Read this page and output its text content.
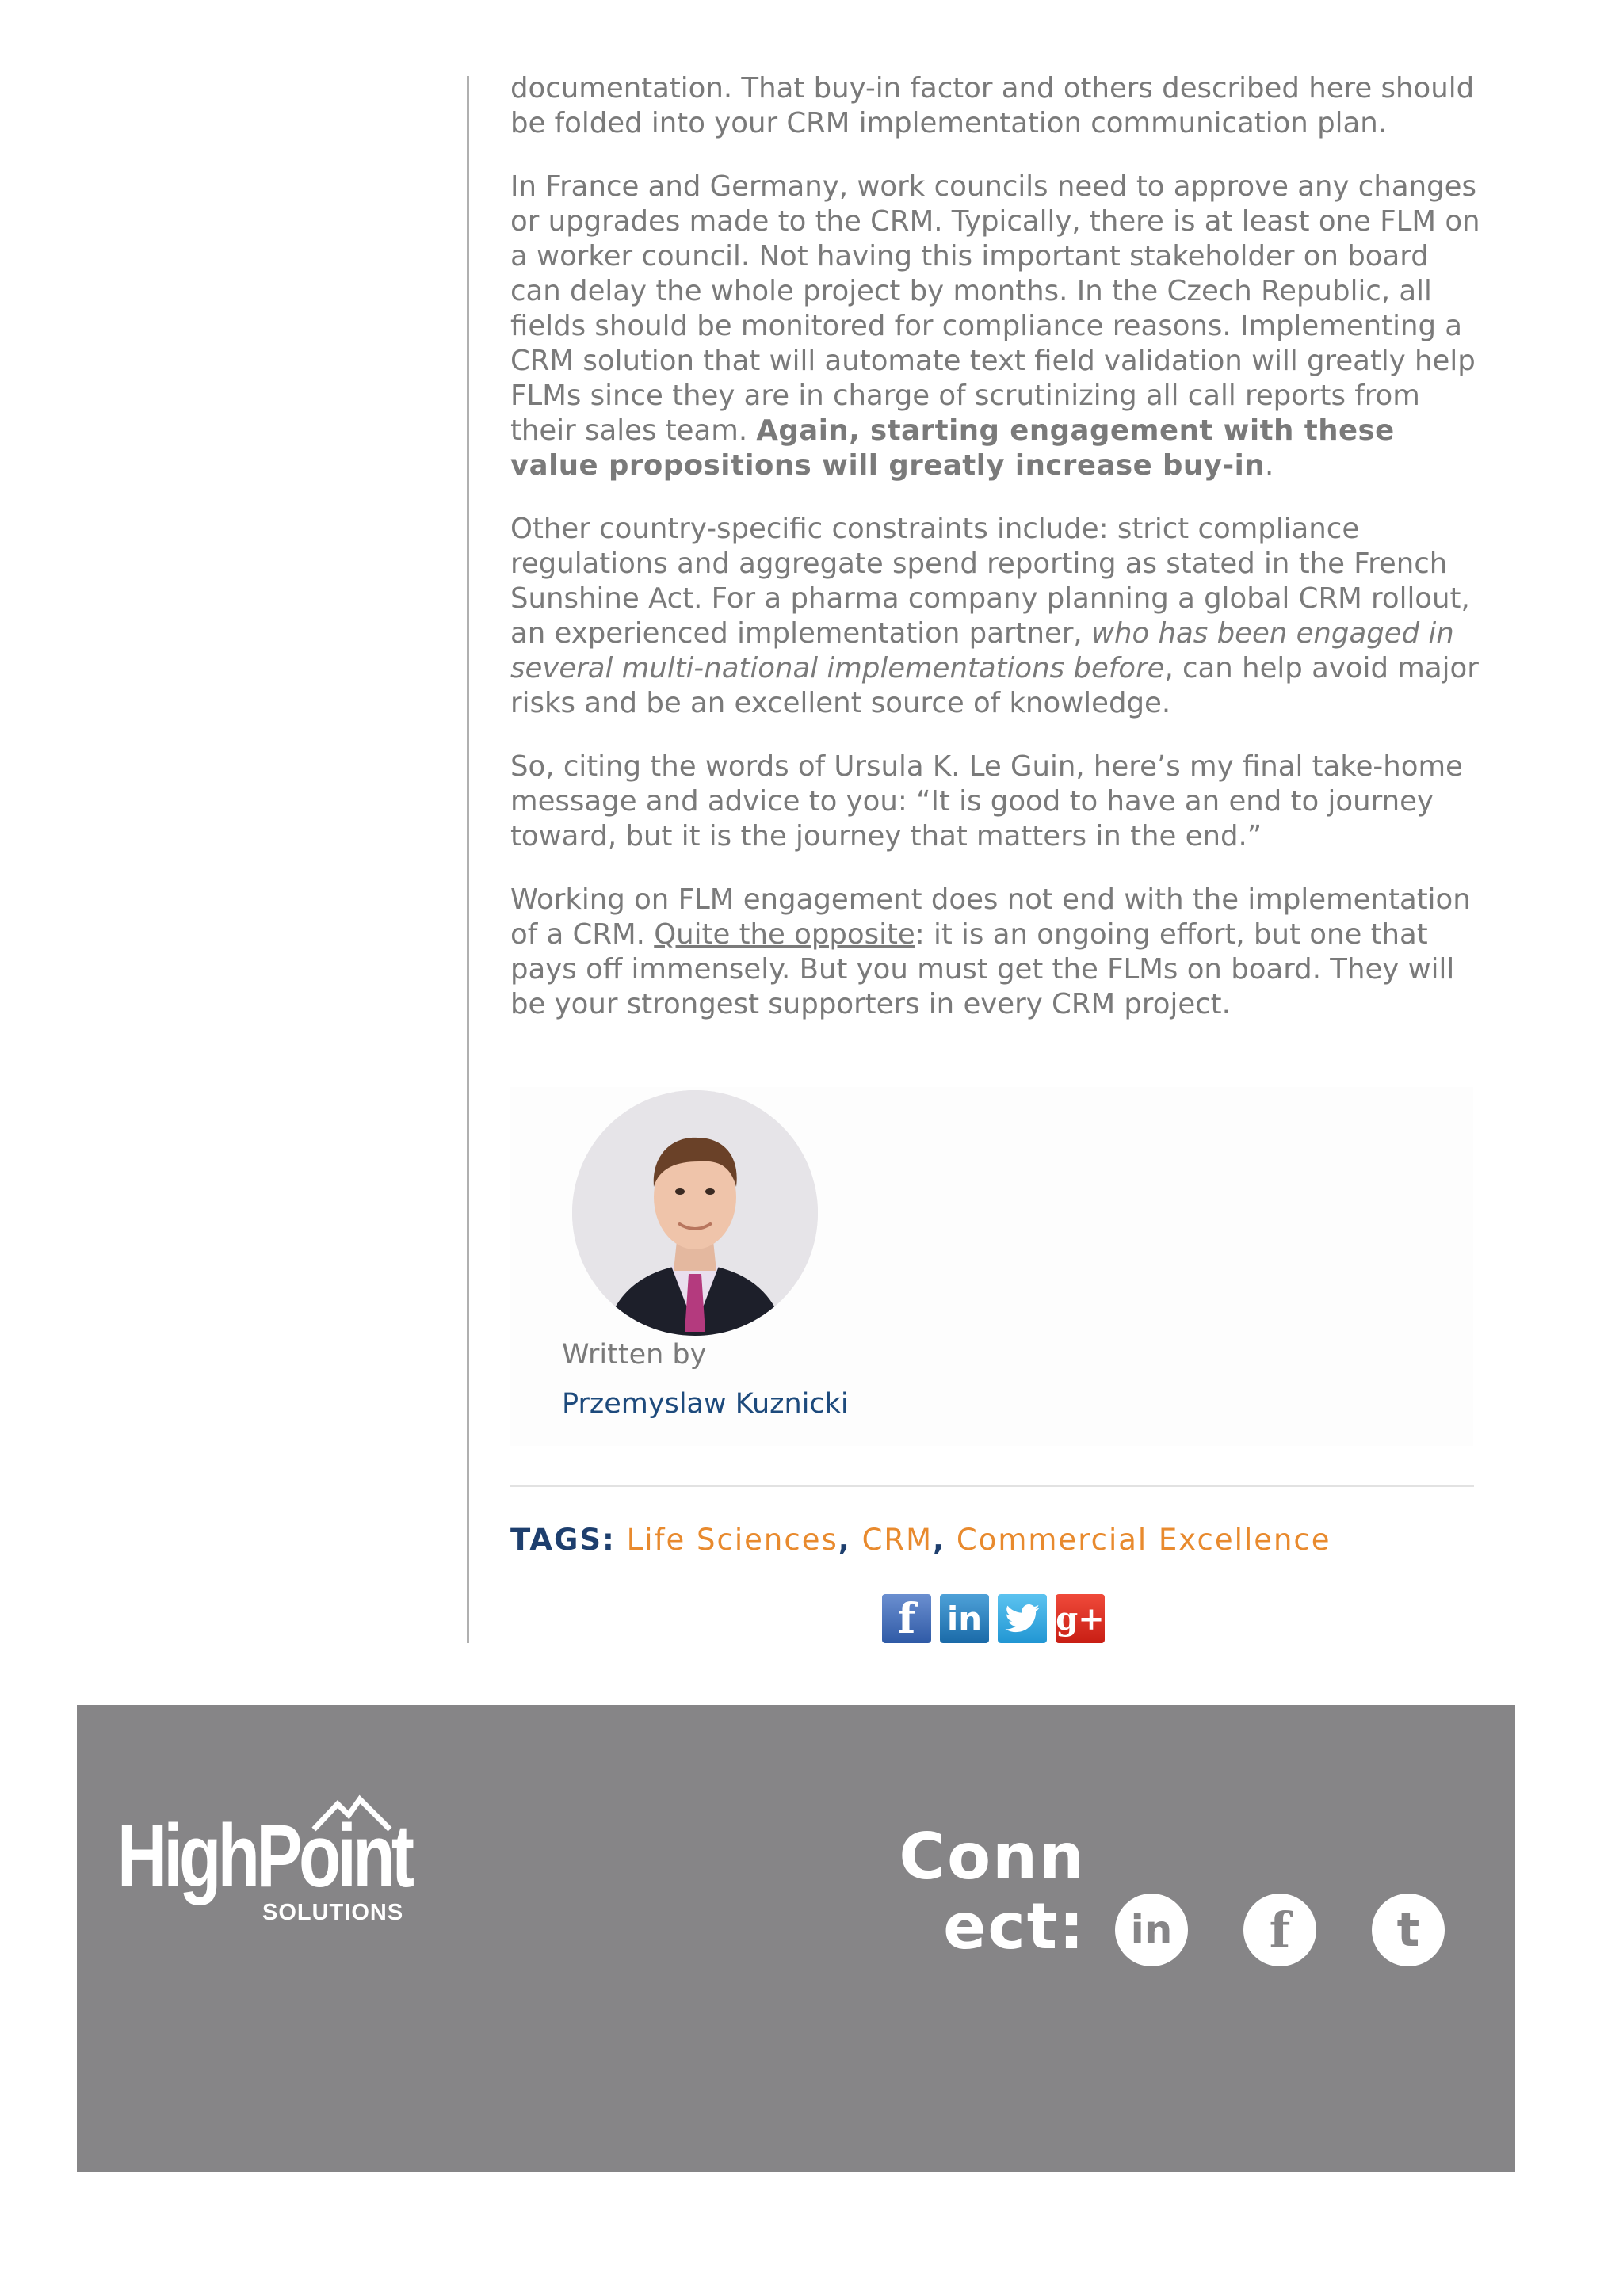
documentation. That buy-in factor and others described here should be folded into your CRM implementation communication plan.

In France and Germany, work councils need to approve any changes or upgrades made to the CRM. Typically, there is at least one FLM on a worker council. Not having this important stakeholder on board can delay the whole project by months. In the Czech Republic, all fields should be monitored for compliance reasons. Implementing a CRM solution that will automate text field validation will greatly help FLMs since they are in charge of scrutinizing all call reports from their sales team. Again, starting engagement with these value propositions will greatly increase buy-in.

Other country-specific constraints include: strict compliance regulations and aggregate spend reporting as stated in the French Sunshine Act. For a pharma company planning a global CRM rollout, an experienced implementation partner, who has been engaged in several multi-national implementations before, can help avoid major risks and be an excellent source of knowledge.

So, citing the words of Ursula K. Le Guin, here’s my final take-home message and advice to you: “It is good to have an end to journey toward, but it is the journey that matters in the end.”

Working on FLM engagement does not end with the implementation of a CRM. Quite the opposite: it is an ongoing effort, but one that pays off immensely. But you must get the FLMs on board. They will be your strongest supporters in every CRM project.

Written by
Przemyslaw Kuznicki
TAGS: Life Sciences, CRM, Commercial Excellence
f in g+
HighPoint
SOLUTIONS
Connect: in f t
